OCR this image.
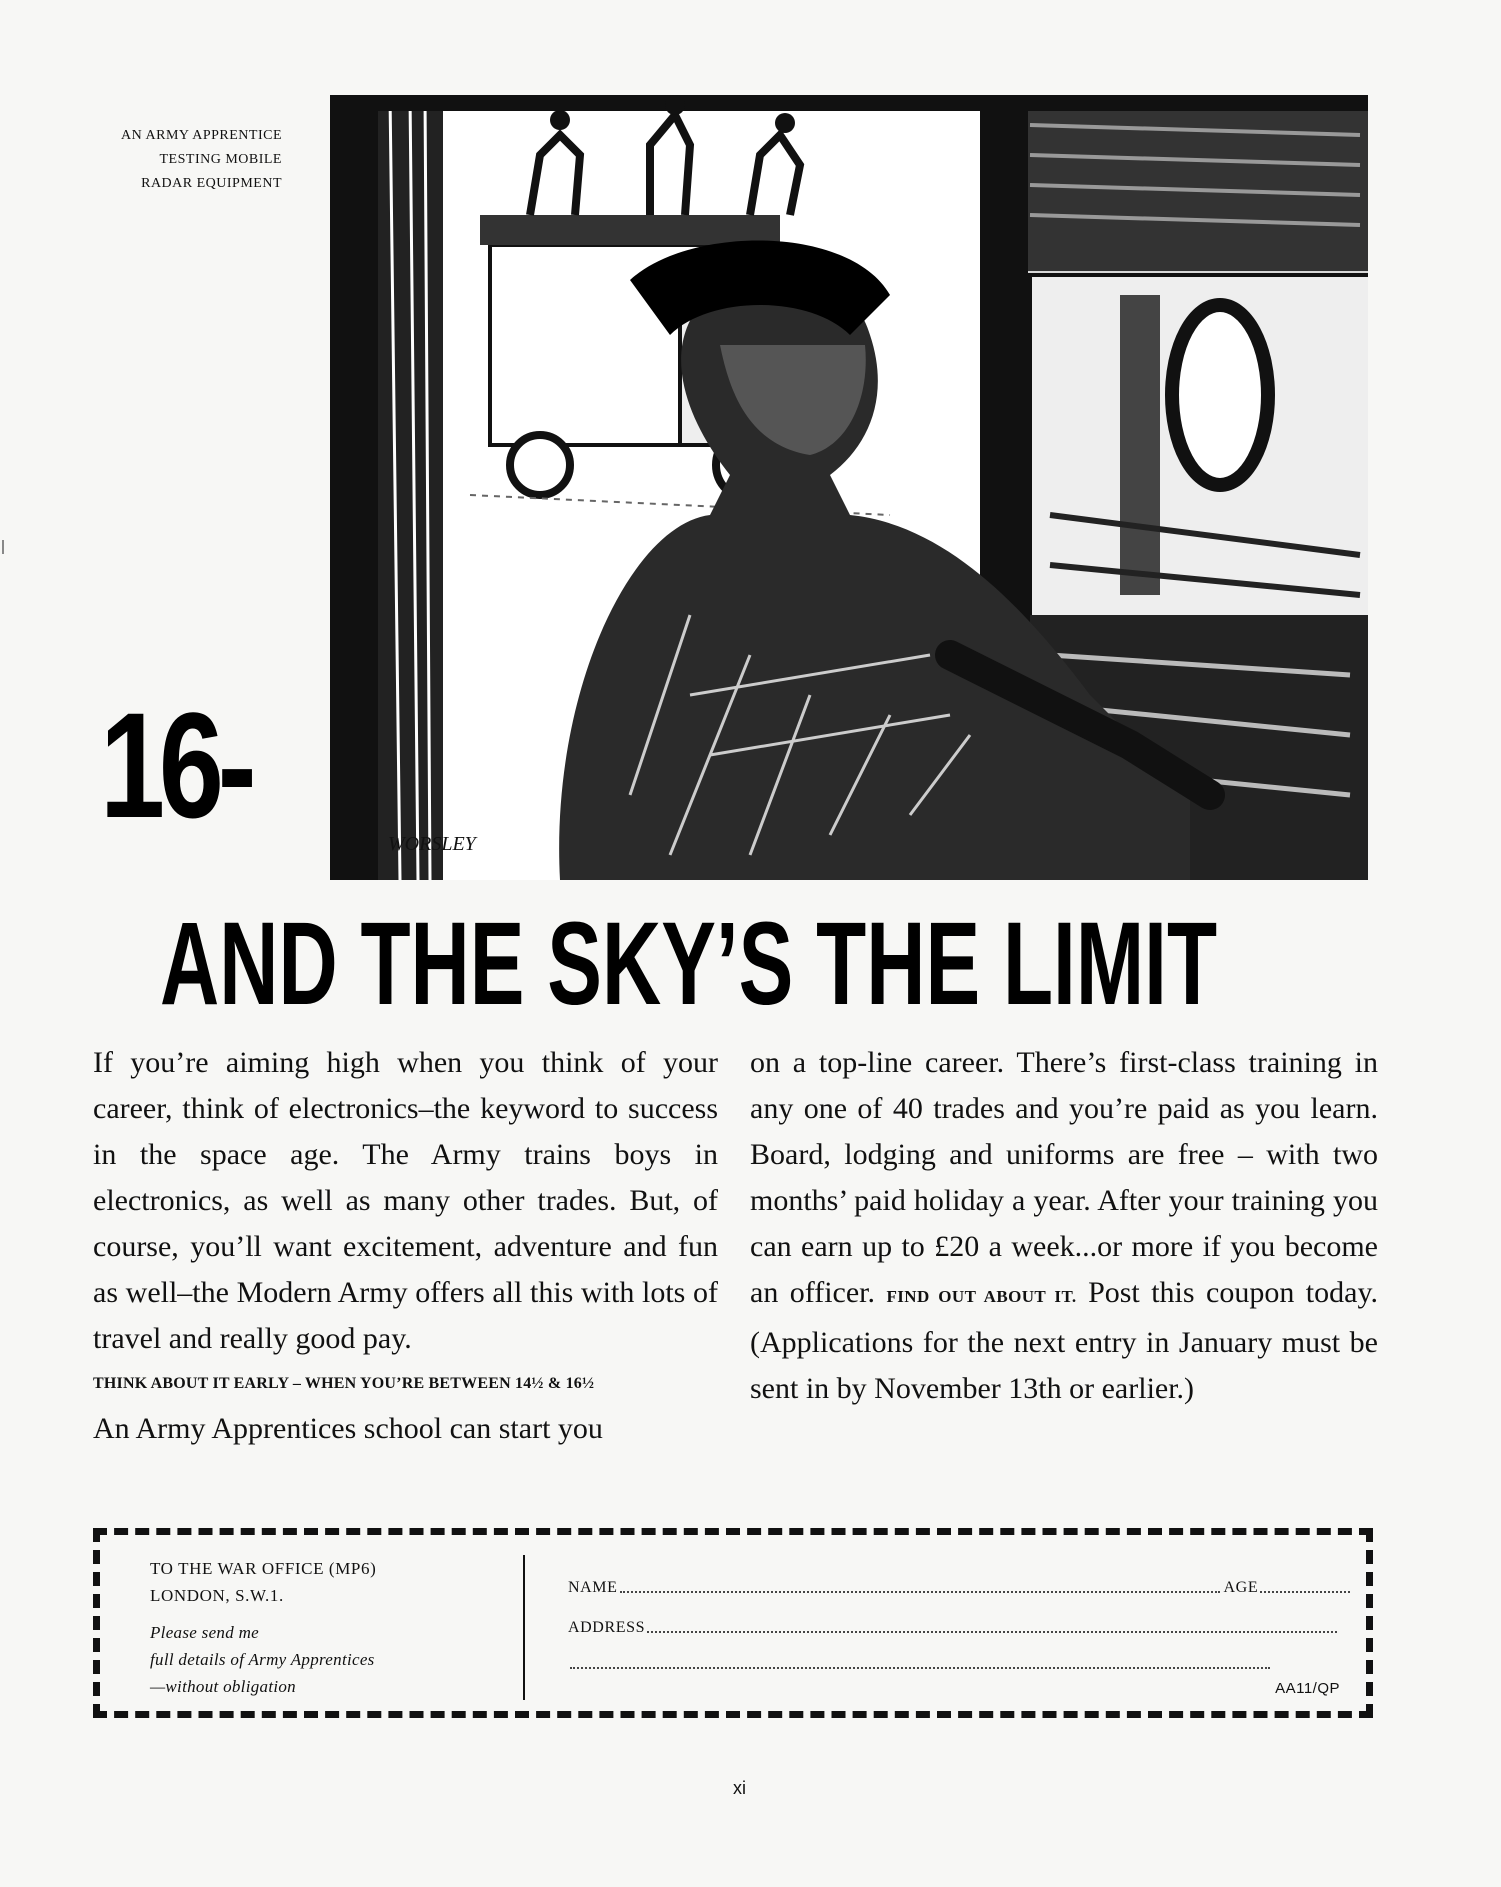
AN ARMY APPRENTICE
TESTING MOBILE
RADAR EQUIPMENT
WORSLEY
16-
AND THE SKY’S THE LIMIT

If you’re aiming high when you think of your career, think of electronics–the keyword to success in the space age. The Army trains boys in electronics, as well as many other trades. But, of course, you’ll want excitement, adventure and fun as well–the Modern Army offers all this with lots of travel and really good pay.

THINK ABOUT IT EARLY – WHEN YOU’RE BETWEEN 14½ & 16½

An Army Apprentices school can start you

on a top-line career. There’s first-class training in any one of 40 trades and you’re paid as you learn. Board, lodging and uniforms are free – with two months’ paid holiday a year. After your training you can earn up to £20 a week...or more if you become an officer. FIND OUT ABOUT IT. Post this coupon today. (Applications for the next entry in January must be sent in by November 13th or earlier.)

TO THE WAR OFFICE (MP6)
LONDON, S.W.1.
Please send me
full details of Army Apprentices
—without obligation
NAME	AGE
ADDRESS
AA11/QP
xi
